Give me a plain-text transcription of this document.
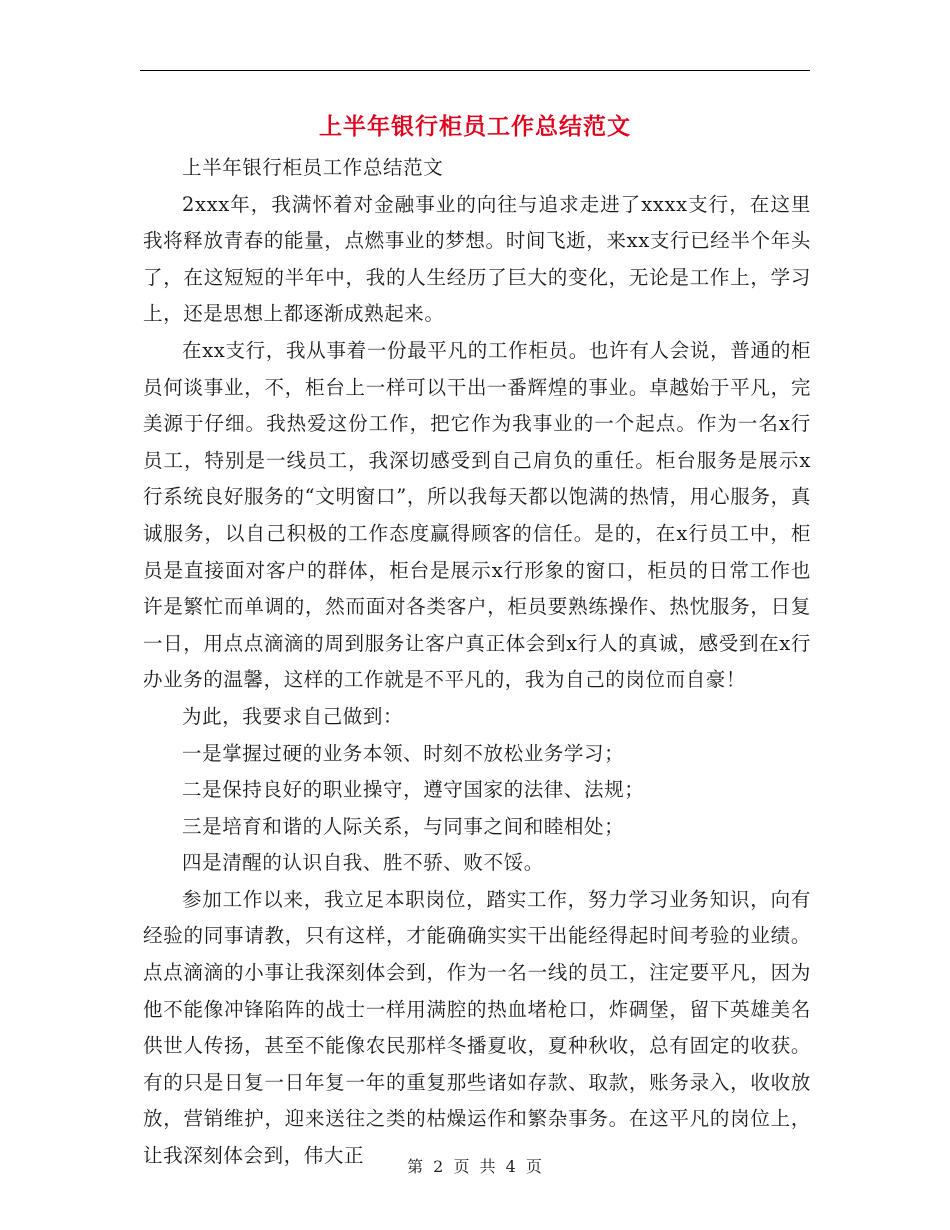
上半年银行柜员工作总结范文

上半年银行柜员工作总结范文

2xxx年，我满怀着对金融事业的向往与追求走进了xxxx支行，在这里我将释放青春的能量，点燃事业的梦想。时间飞逝，来xx支行已经半个年头了，在这短短的半年中，我的人生经历了巨大的变化，无论是工作上，学习上，还是思想上都逐渐成熟起来。

在xx支行，我从事着一份最平凡的工作柜员。也许有人会说，普通的柜员何谈事业，不，柜台上一样可以干出一番辉煌的事业。卓越始于平凡，完美源于仔细。我热爱这份工作，把它作为我事业的一个起点。作为一名x行员工，特别是一线员工，我深切感受到自己肩负的重任。柜台服务是展示x行系统良好服务的“文明窗口”，所以我每天都以饱满的热情，用心服务，真诚服务，以自己积极的工作态度赢得顾客的信任。是的，在x行员工中，柜员是直接面对客户的群体，柜台是展示x行形象的窗口，柜员的日常工作也许是繁忙而单调的，然而面对各类客户，柜员要熟练操作、热忱服务，日复一日，用点点滴滴的周到服务让客户真正体会到x行人的真诚，感受到在x行办业务的温馨，这样的工作就是不平凡的，我为自己的岗位而自豪！

为此，我要求自己做到：

一是掌握过硬的业务本领、时刻不放松业务学习；

二是保持良好的职业操守，遵守国家的法律、法规；

三是培育和谐的人际关系，与同事之间和睦相处；

四是清醒的认识自我、胜不骄、败不馁。

参加工作以来，我立足本职岗位，踏实工作，努力学习业务知识，向有经验的同事请教，只有这样，才能确确实实干出能经得起时间考验的业绩。点点滴滴的小事让我深刻体会到，作为一名一线的员工，注定要平凡，因为他不能像冲锋陷阵的战士一样用满腔的热血堵枪口，炸碉堡，留下英雄美名供世人传扬，甚至不能像农民那样冬播夏收，夏种秋收，总有固定的收获。有的只是日复一日年复一年的重复那些诸如存款、取款，账务录入，收收放放，营销维护，迎来送往之类的枯燥运作和繁杂事务。在这平凡的岗位上，让我深刻体会到，伟大正	第 2 页 共 4 页
